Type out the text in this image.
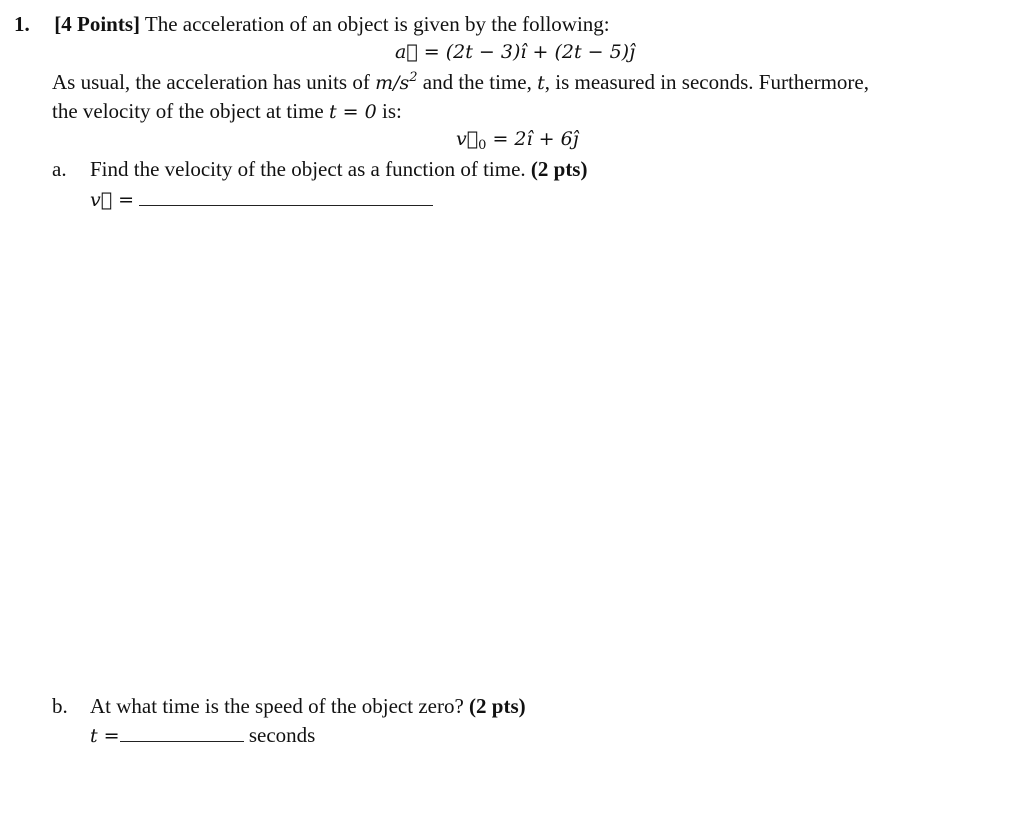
1. [4 Points] The acceleration of an object is given by the following:
a⃗ = (2t − 3)î + (2t − 5)ĵ
As usual, the acceleration has units of $m/s^2$ and the time, t, is measured in seconds. Furthermore,
the velocity of the object at time t = 0 is:
$v⃗_0$ = 2î + 6ĵ
a. Find the velocity of the object as a function of time. (2 pts)
v⃗ =
b. At what time is the speed of the object zero? (2 pts)
t =	seconds
